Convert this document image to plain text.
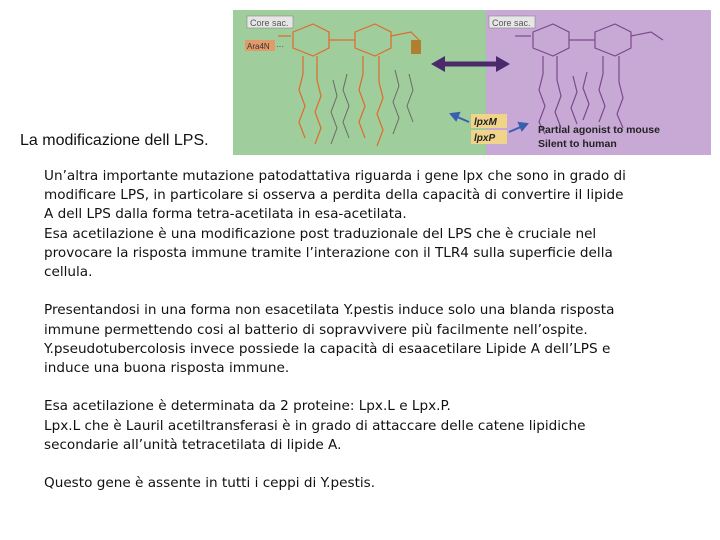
Core sac.
Ara4N ···
Core sac.
lpxM
lpxP
Partial agonist to mouse
Silent to human
La modificazione dell LPS.

Un’altra importante mutazione patodattativa riguarda i gene lpx che sono in grado di
modificare LPS, in particolare si osserva a perdita della capacità di convertire il lipide
A dell LPS dalla forma tetra-acetilata in esa-acetilata.
Esa acetilazione è una modificazione post traduzionale del LPS che è cruciale nel
provocare la risposta immune tramite l’interazione con il TLR4 sulla superficie della
cellula.

Presentandosi in una forma non esacetilata Y.pestis induce solo una blanda risposta
immune permettendo cosi al batterio di sopravvivere più facilmente nell’ospite.
Y.pseudotubercolosis invece possiede la capacità di esaacetilare Lipide A dell’LPS e
induce una buona risposta immune.

Esa acetilazione è determinata da 2 proteine: Lpx.L e Lpx.P.
Lpx.L che è Lauril acetiltransferasi è in grado di attaccare delle catene lipidiche
secondarie all’unità tetracetilata di lipide A.

Questo gene è assente in tutti i ceppi di Y.pestis.
